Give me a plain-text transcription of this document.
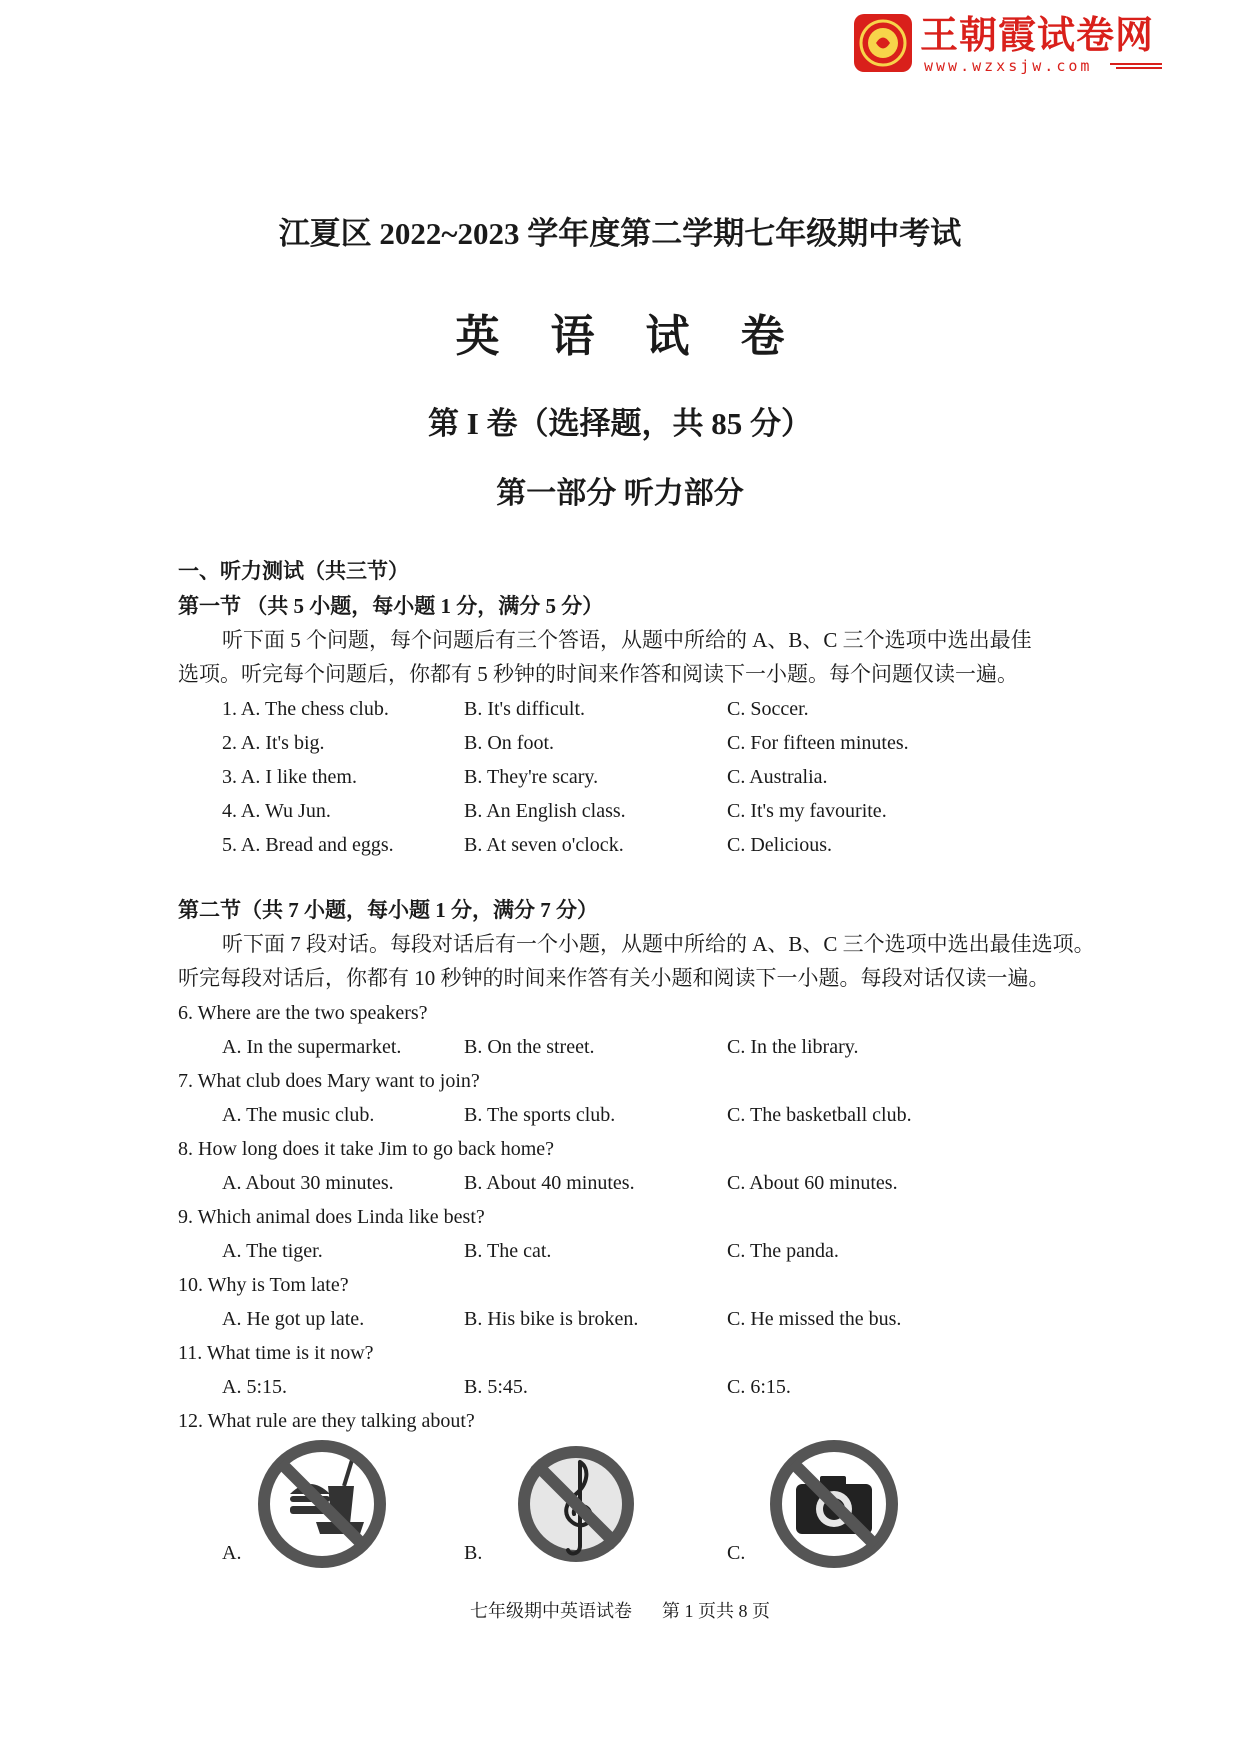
王朝霞试卷网
www.wzxsjw.com
江夏区 2022~2023 学年度第二学期七年级期中考试
英 语 试 卷
第 I 卷（选择题，共 85 分）
第一部分 听力部分
一、听力测试（共三节）
第一节 （共 5 小题，每小题 1 分，满分 5 分）
听下面 5 个问题，每个问题后有三个答语，从题中所给的 A、B、C 三个选项中选出最佳
选项。听完每个问题后，你都有 5 秒钟的时间来作答和阅读下一小题。每个问题仅读一遍。
1. A. The chess club.	B. It's difficult.	C. Soccer.
2. A. It's big.	B. On foot.	C. For fifteen minutes.
3. A. I like them.	B. They're scary.	C. Australia.
4. A. Wu Jun.	B. An English class.	C. It's my favourite.
5. A. Bread and eggs.	B. At seven o'clock.	C. Delicious.
第二节（共 7 小题，每小题 1 分，满分 7 分）
听下面 7 段对话。每段对话后有一个小题，从题中所给的 A、B、C 三个选项中选出最佳选项。
听完每段对话后，你都有 10 秒钟的时间来作答有关小题和阅读下一小题。每段对话仅读一遍。
6. Where are the two speakers?
A. In the supermarket.	B. On the street.	C. In the library.
7. What club does Mary want to join?
A. The music club.	B. The sports club.	C. The basketball club.
8. How long does it take Jim to go back home?
A. About 30 minutes.	B. About 40 minutes.	C. About 60 minutes.
9. Which animal does Linda like best?
A. The tiger.	B. The cat.	C. The panda.
10. Why is Tom late?
A. He got up late.	B. His bike is broken.	C. He missed the bus.
11. What time is it now?
A. 5:15.	B. 5:45.	C. 6:15.
12. What rule are they talking about?
A.	B.	C.
七年级期中英语试卷 第 1 页共 8 页
